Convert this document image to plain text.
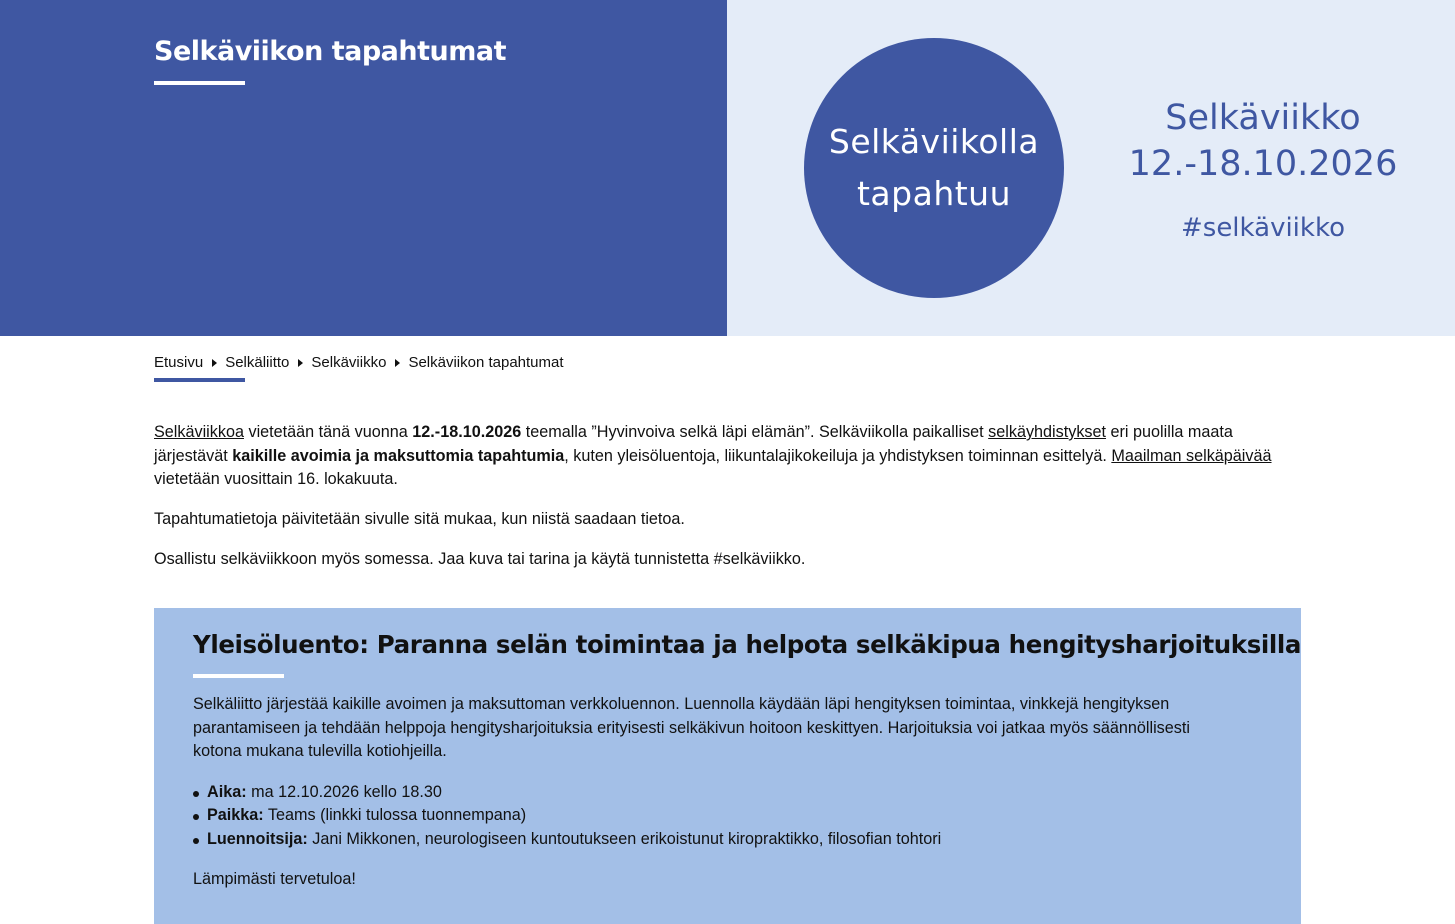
Selkäviikon tapahtumat
Selkäviikolla
tapahtuu
Selkäviikko
12.-18.10.2026
#selkäviikko
Etusivu Selkäliitto Selkäviikko Selkäviikon tapahtumat

Selkäviikkoa vietetään tänä vuonna 12.-18.10.2026 teemalla ”Hyvinvoiva selkä läpi elämän”. Selkäviikolla paikalliset selkäyhdistykset eri puolilla maata järjestävät kaikille avoimia ja maksuttomia tapahtumia, kuten yleisöluentoja, liikuntalajikokeiluja ja yhdistyksen toiminnan esittelyä. Maailman selkäpäivää vietetään vuosittain 16. lokakuuta.

Tapahtumatietoja päivitetään sivulle sitä mukaa, kun niistä saadaan tietoa.

Osallistu selkäviikkoon myös somessa. Jaa kuva tai tarina ja käytä tunnistetta #selkäviikko.

Yleisöluento: Paranna selän toimintaa ja helpota selkäkipua hengitysharjoituksilla

Selkäliitto järjestää kaikille avoimen ja maksuttoman verkkoluennon. Luennolla käydään läpi hengityksen toimintaa, vinkkejä hengityksen parantamiseen ja tehdään helppoja hengitysharjoituksia erityisesti selkäkivun hoitoon keskittyen. Harjoituksia voi jatkaa myös säännöllisesti kotona mukana tulevilla kotiohjeilla.

Aika: ma 12.10.2026 kello 18.30
Paikka: Teams (linkki tulossa tuonnempana)
Luennoitsija: Jani Mikkonen, neurologiseen kuntoutukseen erikoistunut kiropraktikko, filosofian tohtori

Lämpimästi tervetuloa!
